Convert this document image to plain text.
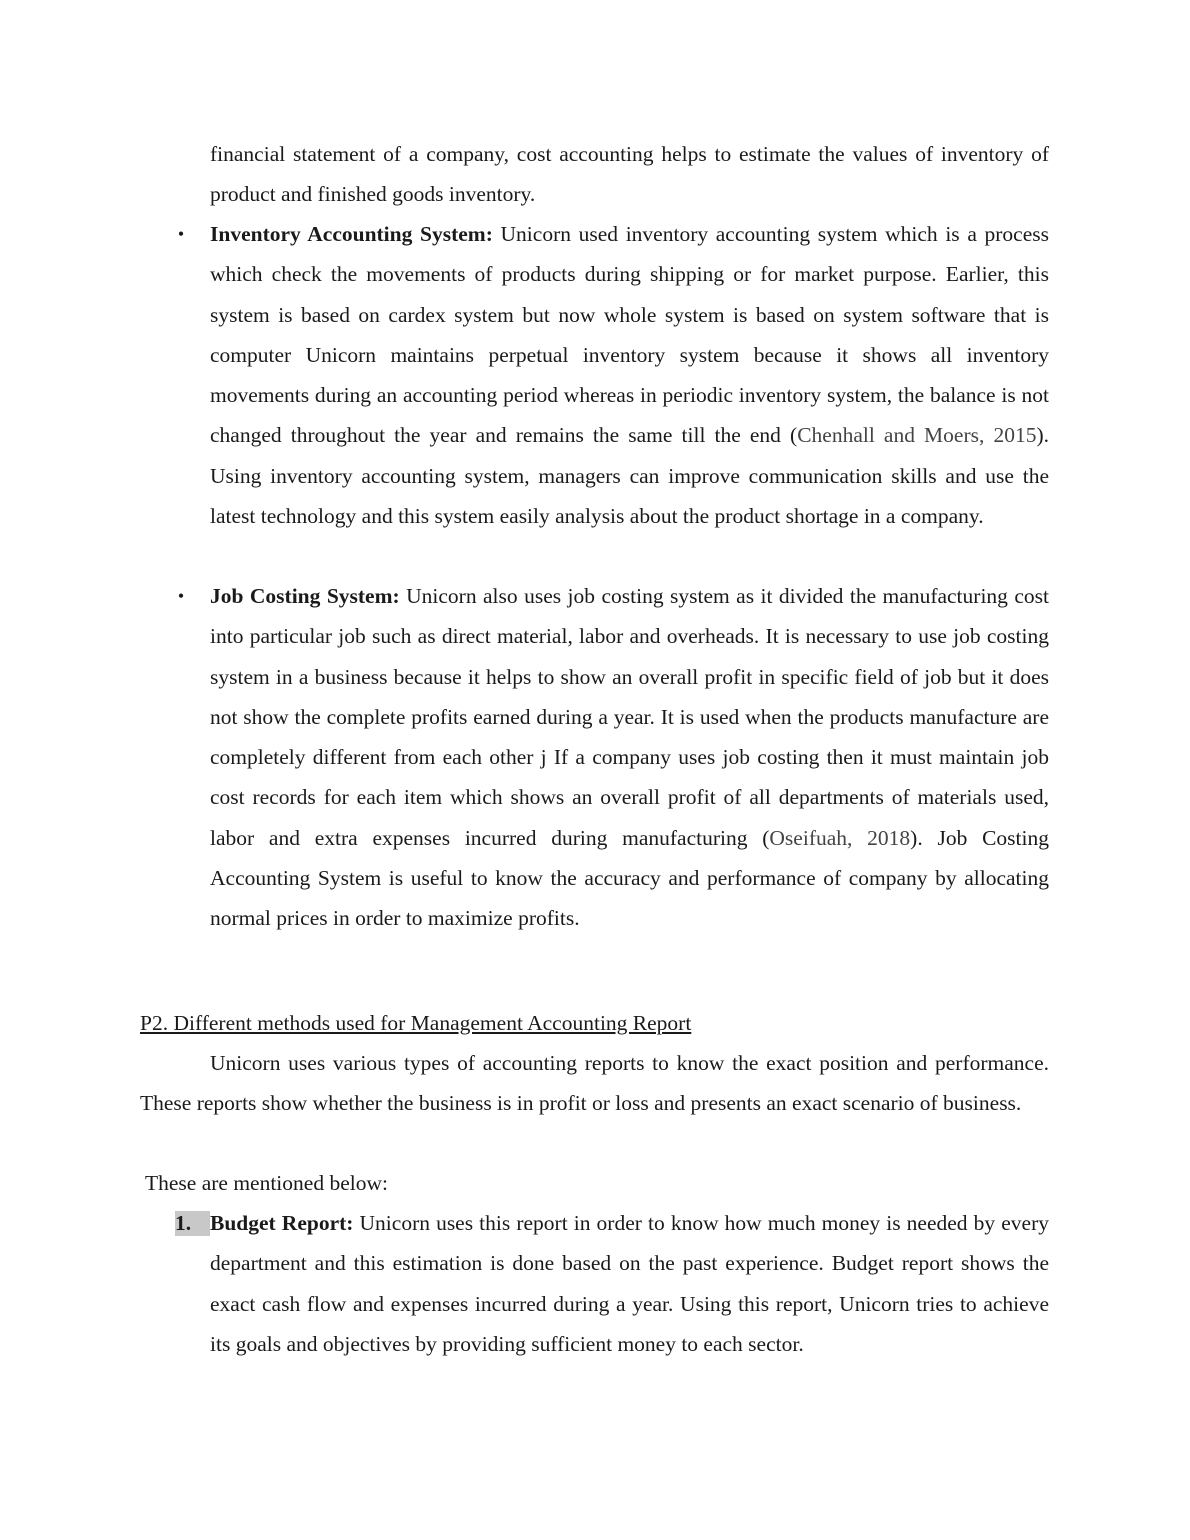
financial statement of a company, cost accounting helps to estimate the values of inventory of product and finished goods inventory.

• Inventory Accounting System: Unicorn used inventory accounting system which is a process which check the movements of products during shipping or for market purpose. Earlier, this system is based on cardex system but now whole system is based on system software that is computer Unicorn maintains perpetual inventory system because it shows all inventory movements during an accounting period whereas in periodic inventory system, the balance is not changed throughout the year and remains the same till the end (Chenhall and Moers, 2015). Using inventory accounting system, managers can improve communication skills and use the latest technology and this system easily analysis about the product shortage in a company.

• Job Costing System: Unicorn also uses job costing system as it divided the manufacturing cost into particular job such as direct material, labor and overheads. It is necessary to use job costing system in a business because it helps to show an overall profit in specific field of job but it does not show the complete profits earned during a year. It is used when the products manufacture are completely different from each other j If a company uses job costing then it must maintain job cost records for each item which shows an overall profit of all departments of materials used, labor and extra expenses incurred during manufacturing (Oseifuah, 2018). Job Costing Accounting System is useful to know the accuracy and performance of company by allocating normal prices in order to maximize profits.

P2. Different methods used for Management Accounting Report

Unicorn uses various types of accounting reports to know the exact position and performance. These reports show whether the business is in profit or loss and presents an exact scenario of business.

These are mentioned below:

1. Budget Report: Unicorn uses this report in order to know how much money is needed by every department and this estimation is done based on the past experience. Budget report shows the exact cash flow and expenses incurred during a year. Using this report, Unicorn tries to achieve its goals and objectives by providing sufficient money to each sector.
